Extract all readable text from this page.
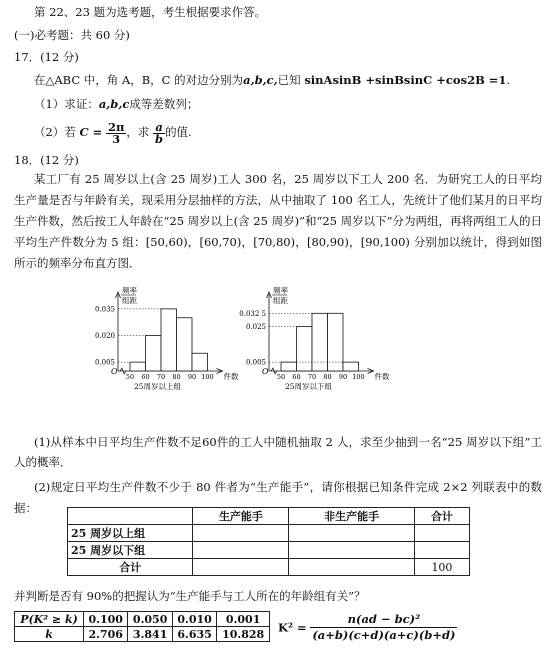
第 22、23 题为选考题，考生根据要求作答。
(一)必考题：共 60 分)
17．(12 分)
在△ABC 中，角 A，B，C 的对边分别为a,b,c,已知 sinAsinB +sinBsinC +cos2B =1.
（1）求证：a,b,c成等差数列；
（2）若 $C = \frac{2\pi}{3}$ ，求 $\frac{a}{b}$ 的值.
18．(12 分)
某工厂有 25 周岁以上(含 25 周岁)工人 300 名，25 周岁以下工人 200 名．为研究工人的日平均生产量是否与年龄有关，现采用分层抽样的方法，从中抽取了 100 名工人，先统计了他们某月的日平均生产件数，然后按工人年龄在“25 周岁以上(含 25 周岁)”和“25 周岁以下”分为两组，再将两组工人的日平均生产件数分为 5 组：[50,60)，[60,70)，[70,80)，[80,90)，[90,100) 分别加以统计，得到如图所示的频率分布直方图．
频率
组距
O
件数
25周岁以上组
50 60 70 80 90 100
0.005
0.020
0.035
频率
组距
O
件数
25周岁以下组
50 60 70 80 90 100
0.005
0.025
0.032 5
(1)从样本中日平均生产件数不足60件的工人中随机抽取 2 人，求至少抽到一名“25 周岁以下组”工人的概率．
(2)规定日平均生产件数不少于 80 件者为“生产能手”，请你根据已知条件完成 2×2 列联表中的数据：
	生产能手	非生产能手	合计
25 周岁以上组			
25 周岁以下组			
合计			100
并判断是否有 90%的把握认为“生产能手与工人所在的年龄组有关”？
P(K² ≥ k)	0.100	0.050	0.010	0.001
k	2.706	3.841	6.635	10.828 $K^2 = \frac{\text{n(ad − bc)²}}{(a+b)(c+d)(a+c)(b+d)}$
